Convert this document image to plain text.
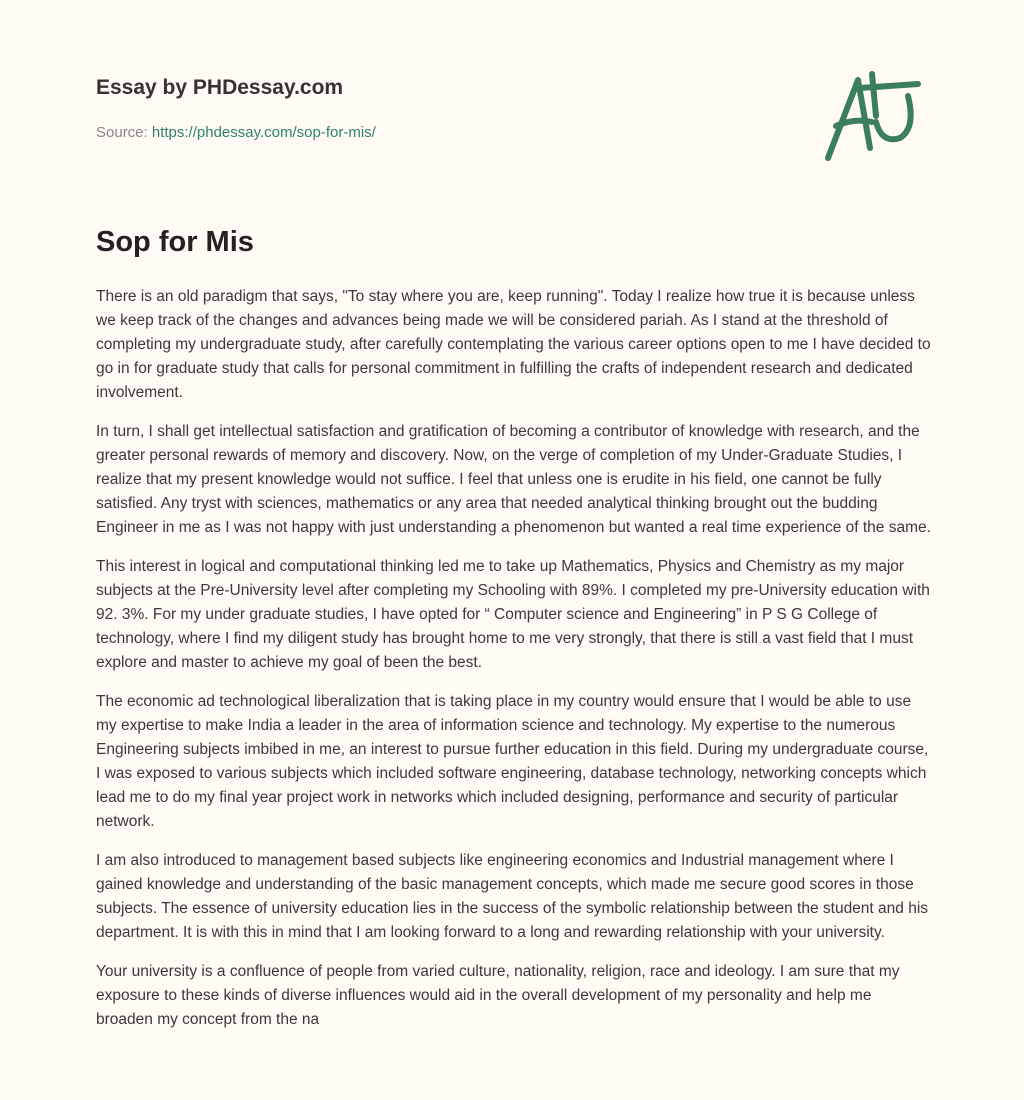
Essay by PHDessay.com
Source: https://phdessay.com/sop-for-mis/
Sop for Mis

There is an old paradigm that says, "To stay where you are, keep running". Today I realize how true it is because unless we keep track of the changes and advances being made we will be considered pariah. As I stand at the threshold of completing my undergraduate study, after carefully contemplating the various career options open to me I have decided to go in for graduate study that calls for personal commitment in fulfilling the crafts of independent research and dedicated involvement.

In turn, I shall get intellectual satisfaction and gratification of becoming a contributor of knowledge with research, and the greater personal rewards of memory and discovery. Now, on the verge of completion of my Under-Graduate Studies, I realize that my present knowledge would not suffice. I feel that unless one is erudite in his field, one cannot be fully satisfied. Any tryst with sciences, mathematics or any area that needed analytical thinking brought out the budding Engineer in me as I was not happy with just understanding a phenomenon but wanted a real time experience of the same.

This interest in logical and computational thinking led me to take up Mathematics, Physics and Chemistry as my major subjects at the Pre-University level after completing my Schooling with 89%. I completed my pre-University education with 92. 3%. For my under graduate studies, I have opted for “ Computer science and Engineering” in P S G College of technology, where I find my diligent study has brought home to me very strongly, that there is still a vast field that I must explore and master to achieve my goal of been the best.

The economic ad technological liberalization that is taking place in my country would ensure that I would be able to use my expertise to make India a leader in the area of information science and technology. My expertise to the numerous Engineering subjects imbibed in me, an interest to pursue further education in this field. During my undergraduate course, I was exposed to various subjects which included software engineering, database technology, networking concepts which lead me to do my final year project work in networks which included designing, performance and security of particular network.

I am also introduced to management based subjects like engineering economics and Industrial management where I gained knowledge and understanding of the basic management concepts, which made me secure good scores in those subjects. The essence of university education lies in the success of the symbolic relationship between the student and his department. It is with this in mind that I am looking forward to a long and rewarding relationship with your university.

Your university is a confluence of people from varied culture, nationality, religion, race and ideology. I am sure that my exposure to these kinds of diverse influences would aid in the overall development of my personality and help me broaden my concept from the na
